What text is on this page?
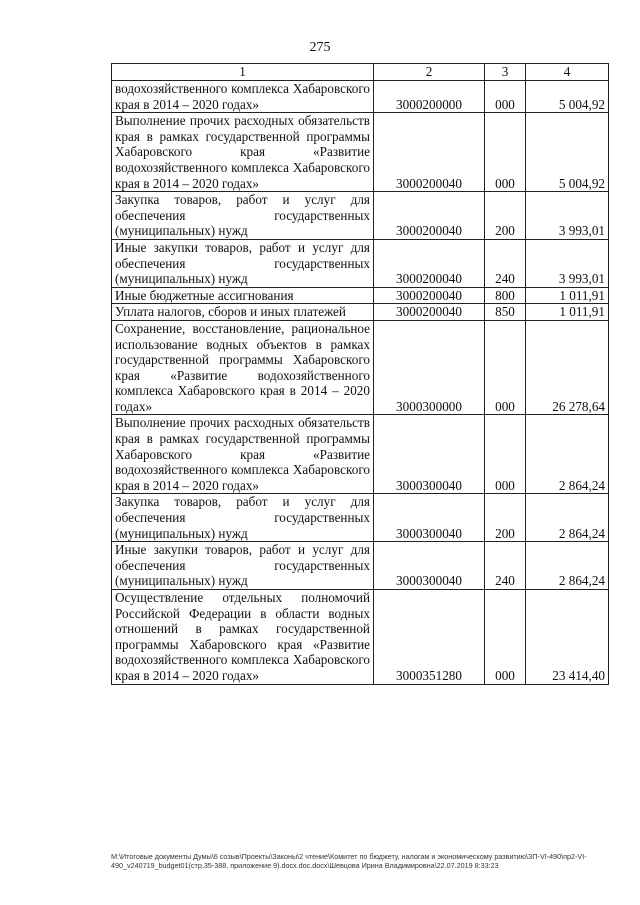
275
1	2	3	4
водохозяйственного комплекса Хабаровского края в 2014 – 2020 годах»	3000200000	000	5 004,92
Выполнение прочих расходных обязательств края в рамках государственной программы Хабаровского края «Развитие водохозяйственного комплекса Хабаровского края в 2014 – 2020 годах»	3000200040	000	5 004,92
Закупка товаров, работ и услуг для обеспечения государственных (муниципальных) нужд	3000200040	200	3 993,01
Иные закупки товаров, работ и услуг для обеспечения государственных (муниципальных) нужд	3000200040	240	3 993,01
Иные бюджетные ассигнования	3000200040	800	1 011,91
Уплата налогов, сборов и иных платежей	3000200040	850	1 011,91
Сохранение, восстановление, рациональное использование водных объектов в рамках государственной программы Хабаровского края «Развитие водохозяйственного комплекса Хабаровского края в 2014 – 2020 годах»	3000300000	000	26 278,64
Выполнение прочих расходных обязательств края в рамках государственной программы Хабаровского края «Развитие водохозяйственного комплекса Хабаровского края в 2014 – 2020 годах»	3000300040	000	2 864,24
Закупка товаров, работ и услуг для обеспечения государственных (муниципальных) нужд	3000300040	200	2 864,24
Иные закупки товаров, работ и услуг для обеспечения государственных (муниципальных) нужд	3000300040	240	2 864,24
Осуществление отдельных полномочий Российской Федерации в области водных отношений в рамках государственной программы Хабаровского края «Развитие водохозяйственного комплекса Хабаровского края в 2014 – 2020 годах»	3000351280	000	23 414,40
М:\Итоговые документы Думы\6 созыв\Проекты\Законы\2 чтение\Комитет по бюджету, налогам и экономическому развитию\ЗП-VI-490\пр2-VI-490_v240719_budget01(стр.35-388, приложение 9).docx.doc.docx\Шевцова Ирина Владимировна\22.07.2019 8:33:23
